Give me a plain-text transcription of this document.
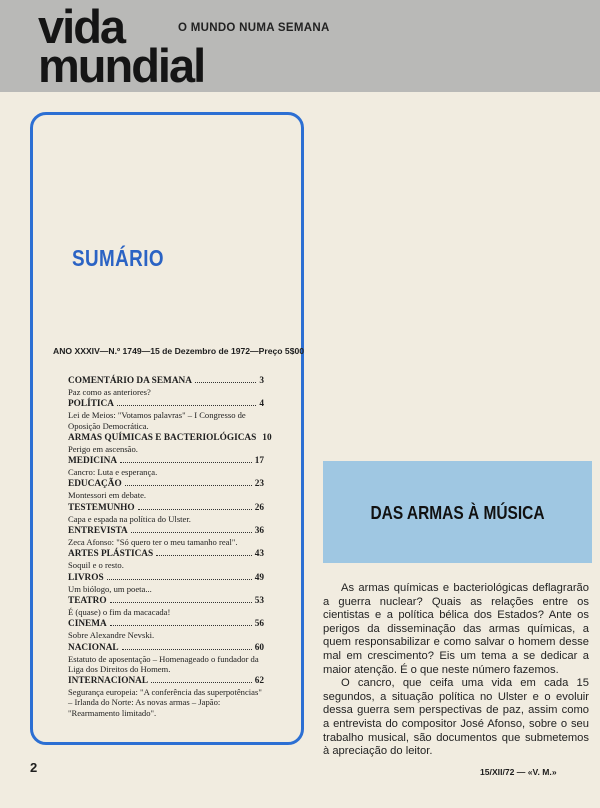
vida
mundial
O MUNDO NUMA SEMANA
SUMÁRIO
ANO XXXIV—N.º 1749—15 de Dezembro de 1972—Preço 5$00
COMENTÁRIO DA SEMANA	3
Paz como as anteriores?
POLÍTICA	4
Lei de Meios: "Votamos palavras" – I Congresso de Oposição Democrática.
ARMAS QUÍMICAS E BACTERIOLÓGICAS 10
Perigo em ascensão.
MEDICINA	17
Cancro: Luta e esperança.
EDUCAÇÃO	23
Montessori em debate.
TESTEMUNHO	26
Capa e espada na política do Ulster.
ENTREVISTA	36
Zeca Afonso: "Só quero ter o meu tamanho real".
ARTES PLÁSTICAS	43
Soquil e o resto.
LIVROS	49
Um biólogo, um poeta...
TEATRO	53
É (quase) o fim da macacada!
CINEMA	56
Sobre Alexandre Nevski.
NACIONAL	60
Estatuto de aposentação – Homenageado o fundador da Liga dos Direitos do Homem.
INTERNACIONAL	62
Segurança europeia: "A conferência das superpotências" – Irlanda do Norte: As novas armas – Japão: "Rearmamento limitado".
DAS ARMAS À MÚSICA

As armas químicas e bacteriológicas deflagrarão a guerra nuclear? Quais as relações entre os cientistas e a política bélica dos Estados? Ante os perigos da disseminação das armas químicas, a quem responsabilizar e como salvar o homem desse mal em crescimento? Eis um tema a se dedicar a maior atenção. É o que neste número fazemos.

O cancro, que ceifa uma vida em cada 15 segundos, a situação política no Ulster e o evoluir dessa guerra sem perspectivas de paz, assim como a entrevista do compositor José Afonso, sobre o seu trabalho musical, são documentos que submetemos à apreciação do leitor.

2	15/XII/72 — «V. M.»
